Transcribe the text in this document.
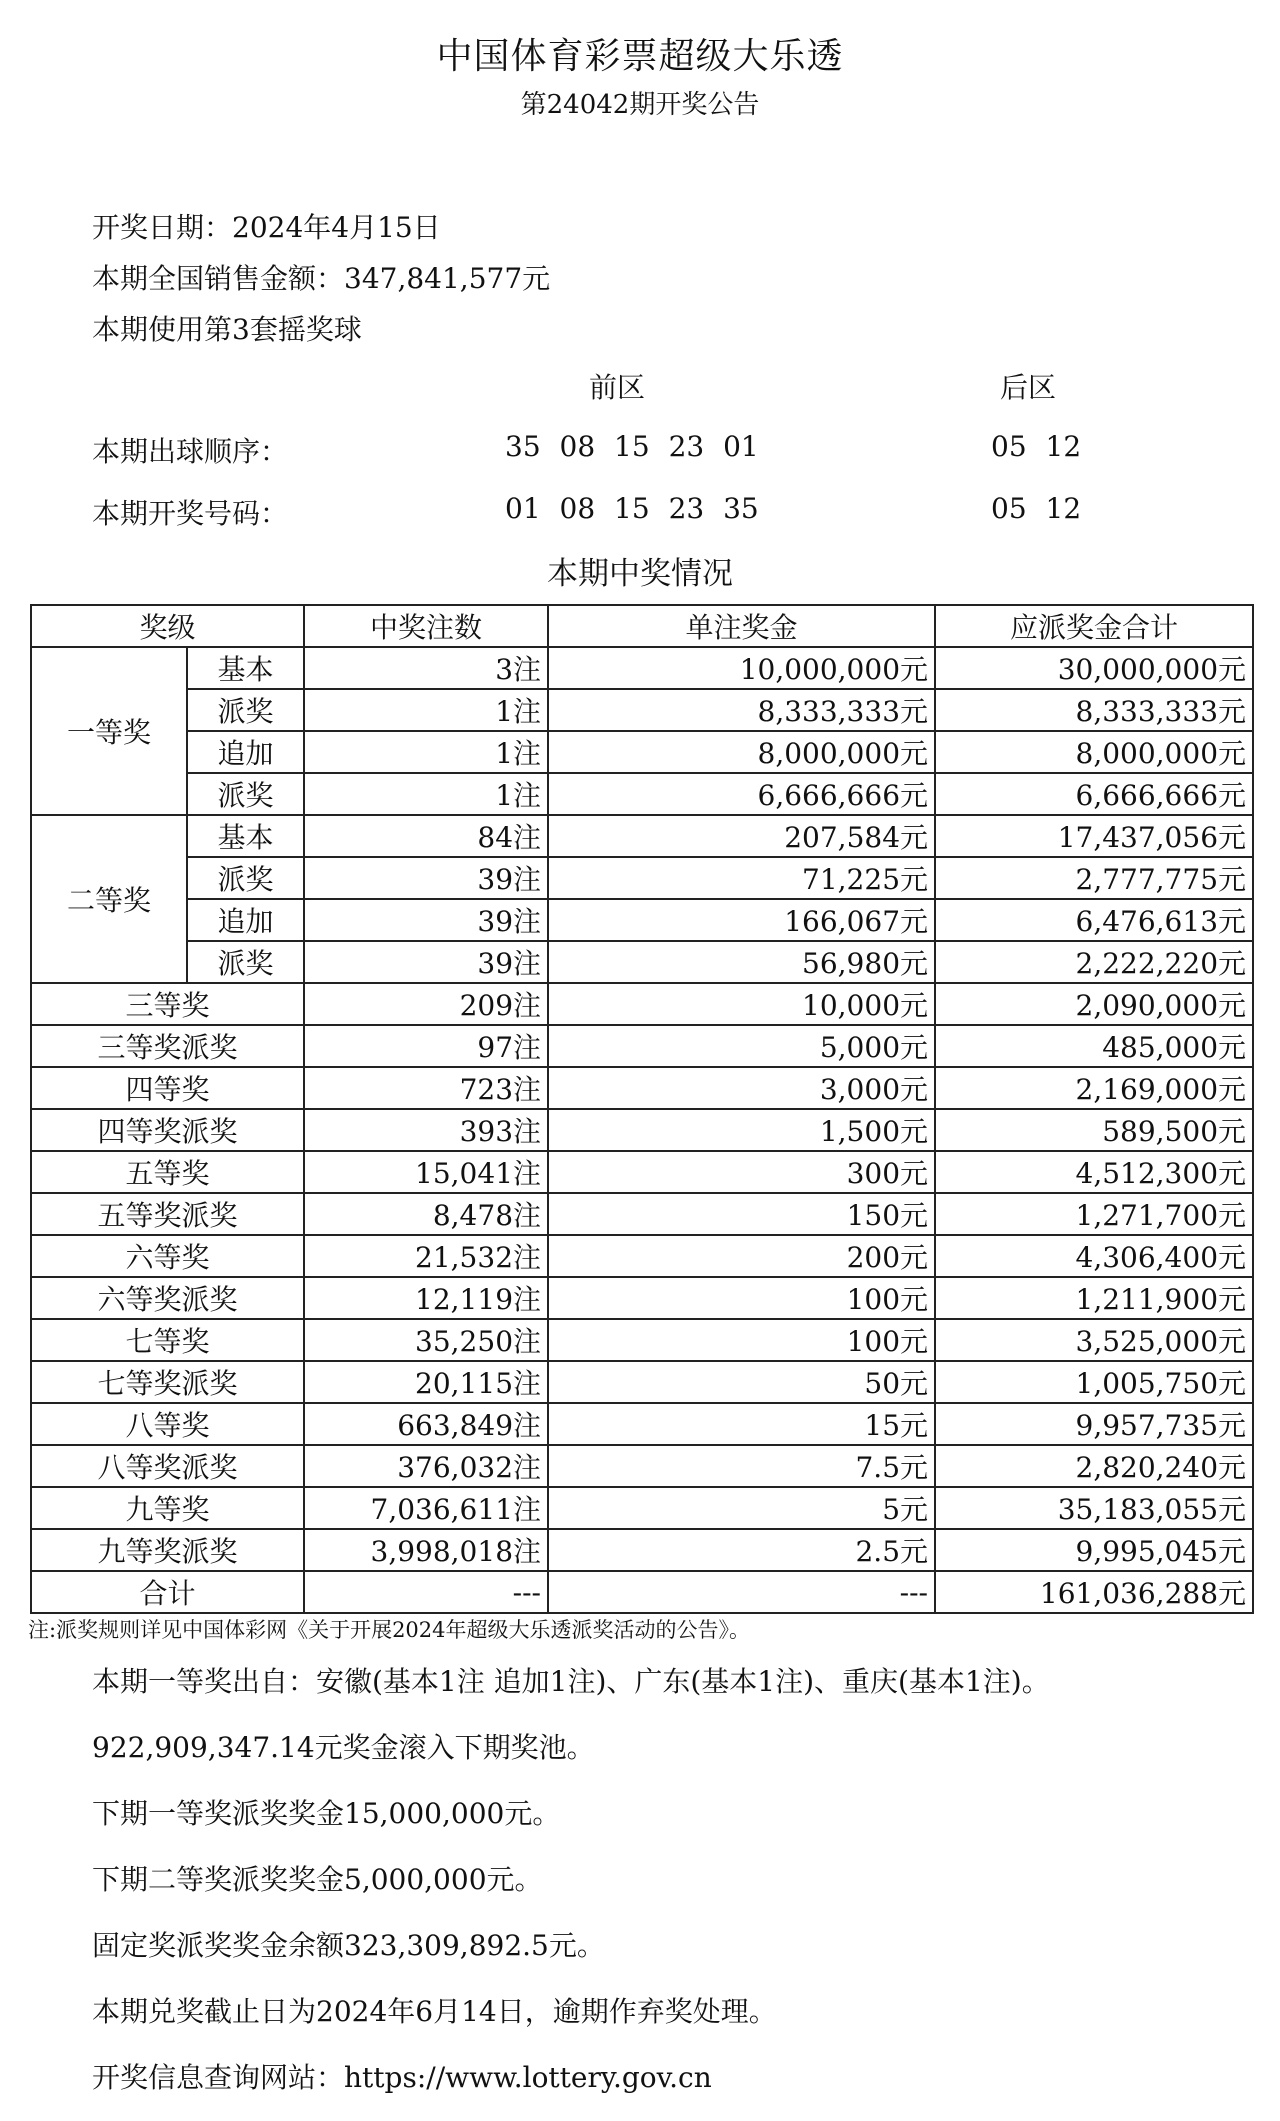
中国体育彩票超级大乐透
第24042期开奖公告
开奖日期：2024年4月15日
本期全国销售金额：347,841,577元
本期使用第3套摇奖球
前区	后区
本期出球顺序：	35 08 15 23 01	05 12
本期开奖号码：	01 08 15 23 35	05 12
本期中奖情况
奖级		中奖注数	单注奖金	应派奖金合计
一等奖	基本	3注	10,000,000元	30,000,000元
	派奖	1注	8,333,333元	8,333,333元
	追加	1注	8,000,000元	8,000,000元
	派奖	1注	6,666,666元	6,666,666元
二等奖	基本	84注	207,584元	17,437,056元
	派奖	39注	71,225元	2,777,775元
	追加	39注	166,067元	6,476,613元
	派奖	39注	56,980元	2,222,220元
三等奖		209注	10,000元	2,090,000元
三等奖派奖		97注	5,000元	485,000元
四等奖		723注	3,000元	2,169,000元
四等奖派奖		393注	1,500元	589,500元
五等奖		15,041注	300元	4,512,300元
五等奖派奖		8,478注	150元	1,271,700元
六等奖		21,532注	200元	4,306,400元
六等奖派奖		12,119注	100元	1,211,900元
七等奖		35,250注	100元	3,525,000元
七等奖派奖		20,115注	50元	1,005,750元
八等奖		663,849注	15元	9,957,735元
八等奖派奖		376,032注	7.5元	2,820,240元
九等奖		7,036,611注	5元	35,183,055元
九等奖派奖		3,998,018注	2.5元	9,995,045元
合计		---	---	161,036,288元
注:派奖规则详见中国体彩网《关于开展2024年超级大乐透派奖活动的公告》。
本期一等奖出自：安徽(基本1注 追加1注)、广东(基本1注)、重庆(基本1注)。
922,909,347.14元奖金滚入下期奖池。
下期一等奖派奖奖金15,000,000元。
下期二等奖派奖奖金5,000,000元。
固定奖派奖奖金余额323,309,892.5元。
本期兑奖截止日为2024年6月14日，逾期作弃奖处理。
开奖信息查询网站：https://www.lottery.gov.cn
